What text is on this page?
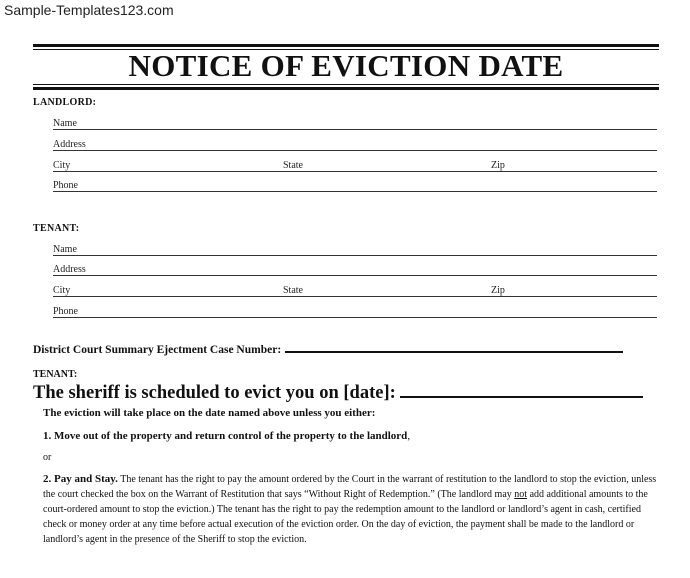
Sample-Templates123.com
NOTICE OF EVICTION DATE
LANDLORD:
Name
Address
City	State	Zip
Phone
TENANT:
Name
Address
City	State	Zip
Phone
District Court Summary Ejectment Case Number:
TENANT:
The sheriff is scheduled to evict you on [date]:
The eviction will take place on the date named above unless you either:
1. Move out of the property and return control of the property to the landlord,
or
2. Pay and Stay. The tenant has the right to pay the amount ordered by the Court in the warrant of restitution to the landlord to stop the eviction, unless the court checked the box on the Warrant of Restitution that says “Without Right of Redemption.” (The landlord may not add additional amounts to the court-ordered amount to stop the eviction.) The tenant has the right to pay the redemption amount to the landlord or landlord’s agent in cash, certified check or money order at any time before actual execution of the eviction order. On the day of eviction, the payment shall be made to the landlord or landlord’s agent in the presence of the Sheriff to stop the eviction.
